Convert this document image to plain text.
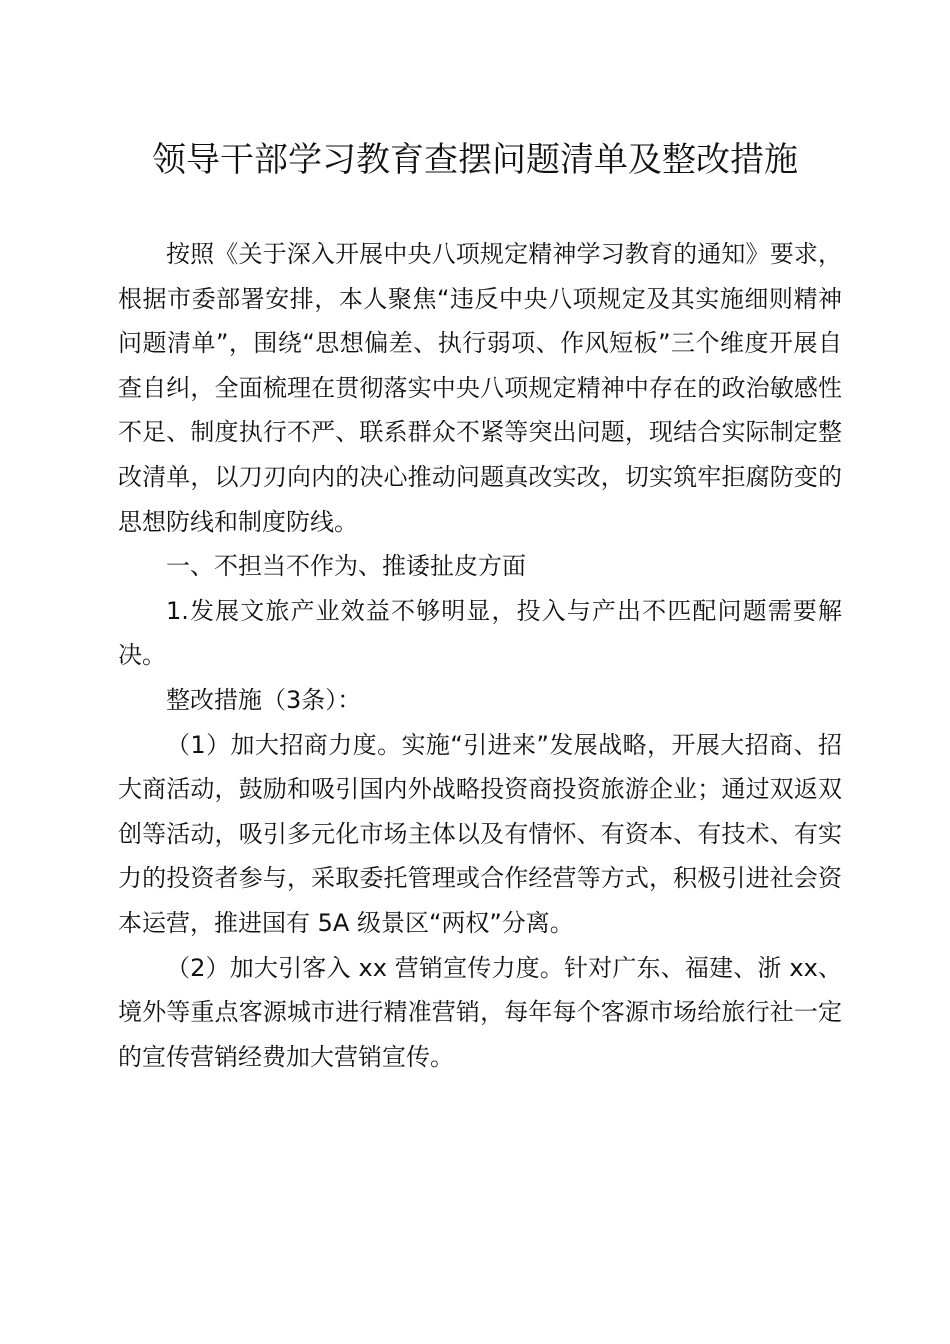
领导干部学习教育查摆问题清单及整改措施

按照《关于深入开展中央八项规定精神学习教育的通知》要求，根据市委部署安排，本人聚焦“违反中央八项规定及其实施细则精神问题清单”，围绕“思想偏差、执行弱项、作风短板”三个维度开展自查自纠，全面梳理在贯彻落实中央八项规定精神中存在的政治敏感性不足、制度执行不严、联系群众不紧等突出问题，现结合实际制定整改清单，以刀刃向内的决心推动问题真改实改，切实筑牢拒腐防变的思想防线和制度防线。

一、不担当不作为、推诿扯皮方面

1.发展文旅产业效益不够明显，投入与产出不匹配问题需要解决。

整改措施（3条）：

（1）加大招商力度。实施“引进来”发展战略，开展大招商、招大商活动，鼓励和吸引国内外战略投资商投资旅游企业；通过双返双创等活动，吸引多元化市场主体以及有情怀、有资本、有技术、有实力的投资者参与，采取委托管理或合作经营等方式，积极引进社会资本运营，推进国有 5A 级景区“两权”分离。

（2）加大引客入 xx 营销宣传力度。针对广东、福建、浙 xx、境外等重点客源城市进行精准营销，每年每个客源市场给旅行社一定的宣传营销经费加大营销宣传。
